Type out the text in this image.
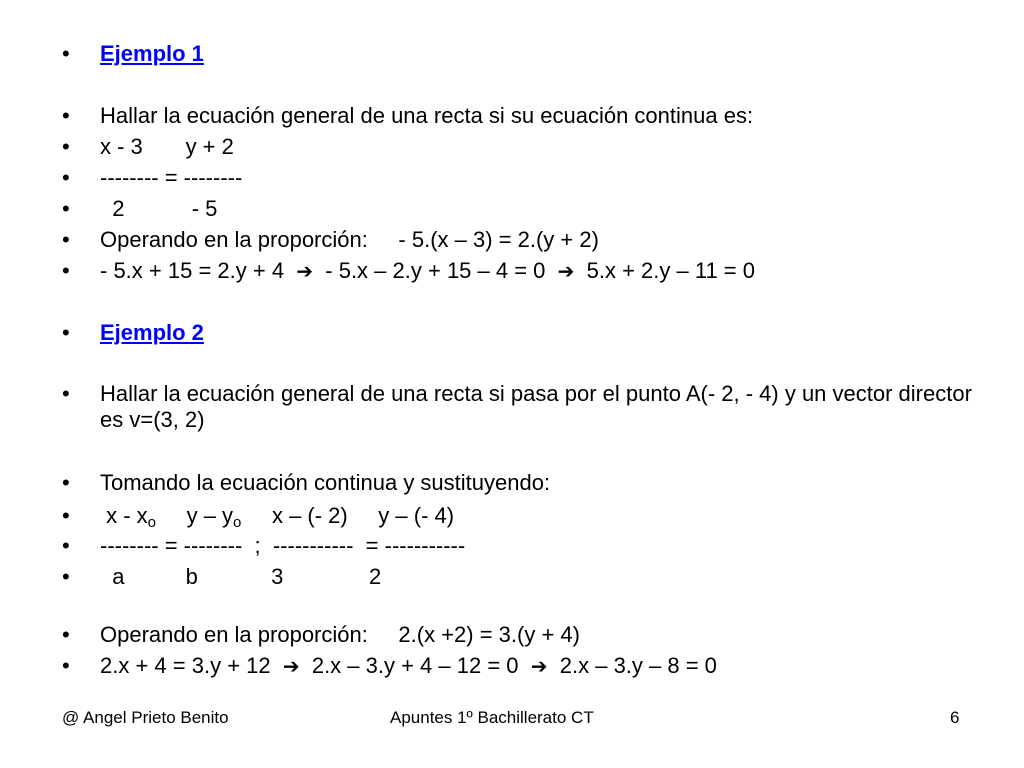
• Ejemplo 1

• Hallar la ecuación general de una recta si su ecuación continua es:

• x - 3       y + 2

• -------- = --------

• 2           - 5

• Operando en la proporción:     - 5.(x – 3) = 2.(y + 2)

• - 5.x + 15 = 2.y + 4  ➔  - 5.x – 2.y + 15 – 4 = 0  ➔  5.x + 2.y – 11 = 0

• Ejemplo 2

• Hallar la ecuación general de una recta si pasa por el punto A(- 2, - 4) y un vector director es v=(3, 2)

• Tomando la ecuación continua y sustituyendo:

• x - $x_o$     y – $y_o$     x – (- 2)     y – (- 4)

• -------- = --------  ;  -----------  = -----------

• a          b            3              2

• Operando en la proporción:     2.(x +2) = 3.(y + 4)

• 2.x + 4 = 3.y + 12  ➔  2.x – 3.y + 4 – 12 = 0  ➔  2.x – 3.y – 8 = 0

@ Angel Prieto Benito	Apuntes 1º Bachillerato CT	6
